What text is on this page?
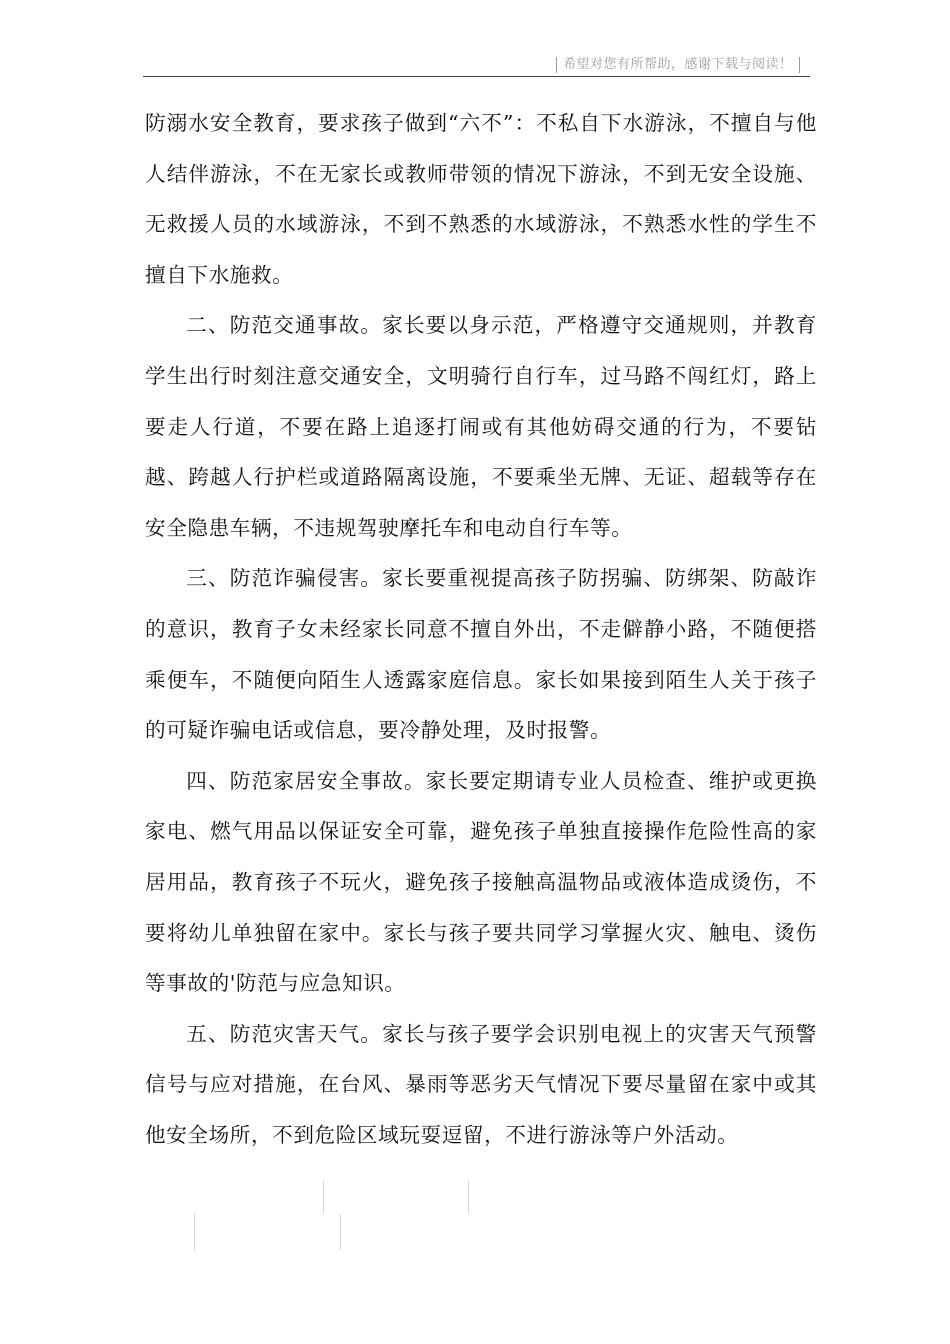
希望对您有所帮助，感谢下载与阅读！

防溺水安全教育，要求孩子做到“六不”：不私自下水游泳，不擅自与他人结伴游泳，不在无家长或教师带领的情况下游泳，不到无安全设施、无救援人员的水域游泳，不到不熟悉的水域游泳，不熟悉水性的学生不擅自下水施救。

二、防范交通事故。家长要以身示范，严格遵守交通规则，并教育学生出行时刻注意交通安全，文明骑行自行车，过马路不闯红灯，路上要走人行道，不要在路上追逐打闹或有其他妨碍交通的行为，不要钻越、跨越人行护栏或道路隔离设施，不要乘坐无牌、无证、超载等存在安全隐患车辆，不违规驾驶摩托车和电动自行车等。

三、防范诈骗侵害。家长要重视提高孩子防拐骗、防绑架、防敲诈的意识，教育子女未经家长同意不擅自外出，不走僻静小路，不随便搭乘便车，不随便向陌生人透露家庭信息。家长如果接到陌生人关于孩子的可疑诈骗电话或信息，要冷静处理，及时报警。

四、防范家居安全事故。家长要定期请专业人员检查、维护或更换家电、燃气用品以保证安全可靠，避免孩子单独直接操作危险性高的家居用品，教育孩子不玩火，避免孩子接触高温物品或液体造成烫伤，不要将幼儿单独留在家中。家长与孩子要共同学习掌握火灾、触电、烫伤等事故的'防范与应急知识。

五、防范灾害天气。家长与孩子要学会识别电视上的灾害天气预警信号与应对措施，在台风、暴雨等恶劣天气情况下要尽量留在家中或其他安全场所，不到危险区域玩耍逗留，不进行游泳等户外活动。
